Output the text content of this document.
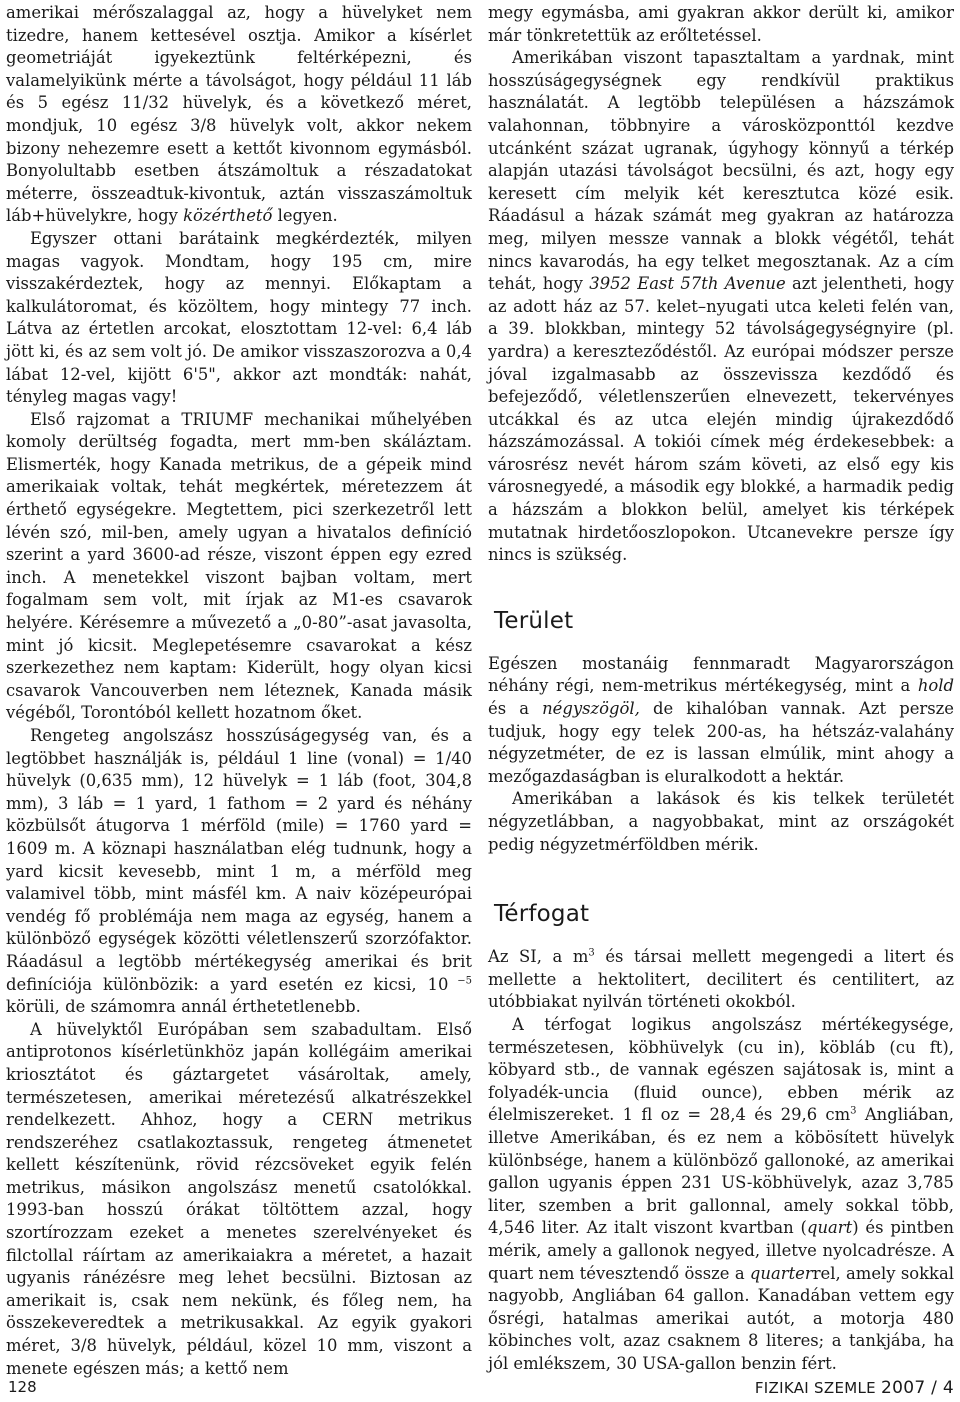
amerikai mérőszalaggal az, hogy a hüvelyket nem tizedre, hanem kettesével osztja. Amikor a kísérlet geometriáját igyekeztünk feltérképezni, és valamelyikünk mérte a távolságot, hogy például 11 láb és 5 egész 11/32 hüvelyk, és a következő méret, mondjuk, 10 egész 3/8 hüvelyk volt, akkor nekem bizony nehezemre esett a kettőt kivonnom egymásból. Bonyolultabb esetben átszámoltuk a részadatokat méterre, összeadtuk-kivontuk, aztán visszaszámoltuk láb+hüvelykre, hogy közérthető legyen.

Egyszer ottani barátaink megkérdezték, milyen magas vagyok. Mondtam, hogy 195 cm, mire visszakérdeztek, hogy az mennyi. Előkaptam a kalkulátoromat, és közöltem, hogy mintegy 77 inch. Látva az értetlen arcokat, elosztottam 12-vel: 6,4 láb jött ki, és az sem volt jó. De amikor visszaszorozva a 0,4 lábat 12-vel, kijött 6'5", akkor azt mondták: nahát, tényleg magas vagy!

Első rajzomat a TRIUMF mechanikai műhelyében komoly derültség fogadta, mert mm-ben skáláztam. Elismerték, hogy Kanada metrikus, de a gépeik mind amerikaiak voltak, tehát megkértek, méretezzem át érthető egységekre. Megtettem, pici szerkezetről lett lévén szó, mil-ben, amely ugyan a hivatalos definíció szerint a yard 3600-ad része, viszont éppen egy ezred inch. A menetekkel viszont bajban voltam, mert fogalmam sem volt, mit írjak az M1-es csavarok helyére. Kérésemre a művezető a „0-80”-asat javasolta, mint jó kicsit. Meglepetésemre csavarokat a kész szerkezethez nem kaptam: Kiderült, hogy olyan kicsi csavarok Vancouverben nem léteznek, Kanada másik végéből, Torontóból kellett hozatnom őket.

Rengeteg angolszász hosszúságegység van, és a legtöbbet használják is, például 1 line (vonal) = 1/40 hüvelyk (0,635 mm), 12 hüvelyk = 1 láb (foot, 304,8 mm), 3 láb = 1 yard, 1 fathom = 2 yard és néhány közbülsőt átugorva 1 mérföld (mile) = 1760 yard = 1609 m. A köznapi használatban elég tudnunk, hogy a yard kicsit kevesebb, mint 1 m, a mérföld meg valamivel több, mint másfél km. A naiv középeurópai vendég fő problémája nem maga az egység, hanem a különböző egységek közötti véletlenszerű szorzófaktor. Ráadásul a legtöbb mértékegység amerikai és brit definíciója különbözik: a yard esetén ez kicsi, 10 $^{-5}$ körüli, de számomra annál érthetetlenebb.

A hüvelyktől Európában sem szabadultam. Első antiprotonos kísérletünkhöz japán kollégáim amerikai kriosztátot és gáztargetet vásároltak, amely, természetesen, amerikai méretezésű alkatrészekkel rendelkezett. Ahhoz, hogy a CERN metrikus rendszeréhez csatlakoztassuk, rengeteg átmenetet kellett készítenünk, rövid rézcsöveket egyik felén metrikus, másikon angolszász menetű csatolókkal. 1993-ban hosszú órákat töltöttem azzal, hogy szortírozzam ezeket a menetes szerelvényeket és filctollal ráírtam az amerikaiakra a méretet, a hazait ugyanis ránézésre meg lehet becsülni. Biztosan az amerikait is, csak nem nekünk, és főleg nem, ha összekeveredtek a metrikusakkal. Az egyik gyakori méret, 3/8 hüvelyk, például, közel 10 mm, viszont a menete egészen más; a kettő nem

megy egymásba, ami gyakran akkor derült ki, amikor már tönkretettük az erőltetéssel.

Amerikában viszont tapasztaltam a yardnak, mint hosszúságegységnek egy rendkívül praktikus használatát. A legtöbb településen a házszámok valahonnan, többnyire a városközponttól kezdve utcánként százat ugranak, úgyhogy könnyű a térkép alapján utazási távolságot becsülni, és azt, hogy egy keresett cím melyik két keresztutca közé esik. Ráadásul a házak számát meg gyakran az határozza meg, milyen messze vannak a blokk végétől, tehát nincs kavarodás, ha egy telket megosztanak. Az a cím tehát, hogy 3952 East 57th Avenue azt jelentheti, hogy az adott ház az 57. kelet–nyugati utca keleti felén van, a 39. blokkban, mintegy 52 távolságegységnyire (pl. yardra) a kereszteződéstől. Az európai módszer persze jóval izgalmasabb az összevissza kezdődő és befejeződő, véletlenszerűen elnevezett, tekervényes utcákkal és az utca elején mindig újrakezdődő házszámozással. A tokiói címek még érdekesebbek: a városrész nevét három szám követi, az első egy kis városnegyedé, a második egy blokké, a harmadik pedig a házszám a blokkon belül, amelyet kis térképek mutatnak hirdetőoszlopokon. Utcanevekre persze így nincs is szükség.

Terület

Egészen mostanáig fennmaradt Magyarországon néhány régi, nem-metrikus mértékegység, mint a hold és a négyszögöl, de kihalóban vannak. Azt persze tudjuk, hogy egy telek 200-as, ha hétszáz-valahány négyzetméter, de ez is lassan elmúlik, mint ahogy a mezőgazdaságban is eluralkodott a hektár.

Amerikában a lakások és kis telkek területét négyzetlábban, a nagyobbakat, mint az országokét pedig négyzetmérföldben mérik.

Térfogat

Az SI, a $m^3$ és társai mellett megengedi a litert és mellette a hektolitert, decilitert és centilitert, az utóbbiakat nyilván történeti okokból.

A térfogat logikus angolszász mértékegysége, természetesen, köbhüvelyk (cu in), köbláb (cu ft), köbyard stb., de vannak egészen sajátosak is, mint a folyadék-uncia (fluid ounce), ebben mérik az élelmiszereket. 1 fl oz = 28,4 és 29,6 $cm^3$ Angliában, illetve Amerikában, és ez nem a köbösített hüvelyk különbsége, hanem a különböző gallonoké, az amerikai gallon ugyanis éppen 231 US-köbhüvelyk, azaz 3,785 liter, szemben a brit gallonnal, amely sokkal több, 4,546 liter. Az italt viszont kvartban (quart) és pintben mérik, amely a gallonok negyed, illetve nyolcadrésze. A quart nem tévesztendő össze a quarterrel, amely sokkal nagyobb, Angliában 64 gallon. Kanadában vettem egy ősrégi, hatalmas amerikai autót, a motorja 480 köbinches volt, azaz csaknem 8 literes; a tankjába, ha jól emlékszem, 30 USA-gallon benzin fért.

128	FIZIKAI SZEMLE 2007 / 4
